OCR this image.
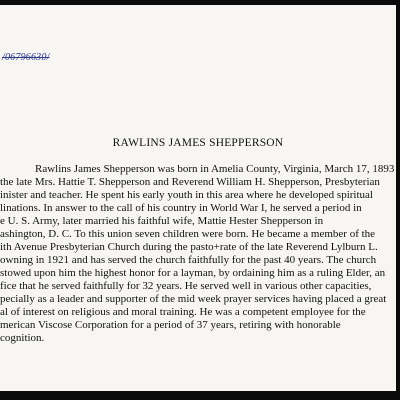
/06796630/
RAWLINS JAMES SHEPPERSON
Rawlins James Shepperson was born in Amelia County, Virginia, March 17, 1893
the late Mrs. Hattie T. Shepperson and Reverend William H. Shepperson, Presbyterian
inister and teacher. He spent his early youth in this area where he developed spiritual
linations. In answer to the call of his country in World War I, he served a period in
e U. S. Army, later married his faithful wife, Mattie Hester Shepperson in
ashington, D. C. To this union seven children were born. He became a member of the
ith Avenue Presbyterian Church during the pasto+rate of the late Reverend Lylburn L.
owning in 1921 and has served the church faithfully for the past 40 years. The church
stowed upon him the highest honor for a layman, by ordaining him as a ruling Elder, an
fice that he served faithfully for 32 years. He served well in various other capacities,
pecially as a leader and supporter of the mid week prayer services having placed a great
al of interest on religious and moral training. He was a competent employee for the
merican Viscose Corporation for a period of 37 years, retiring with honorable
cognition.
